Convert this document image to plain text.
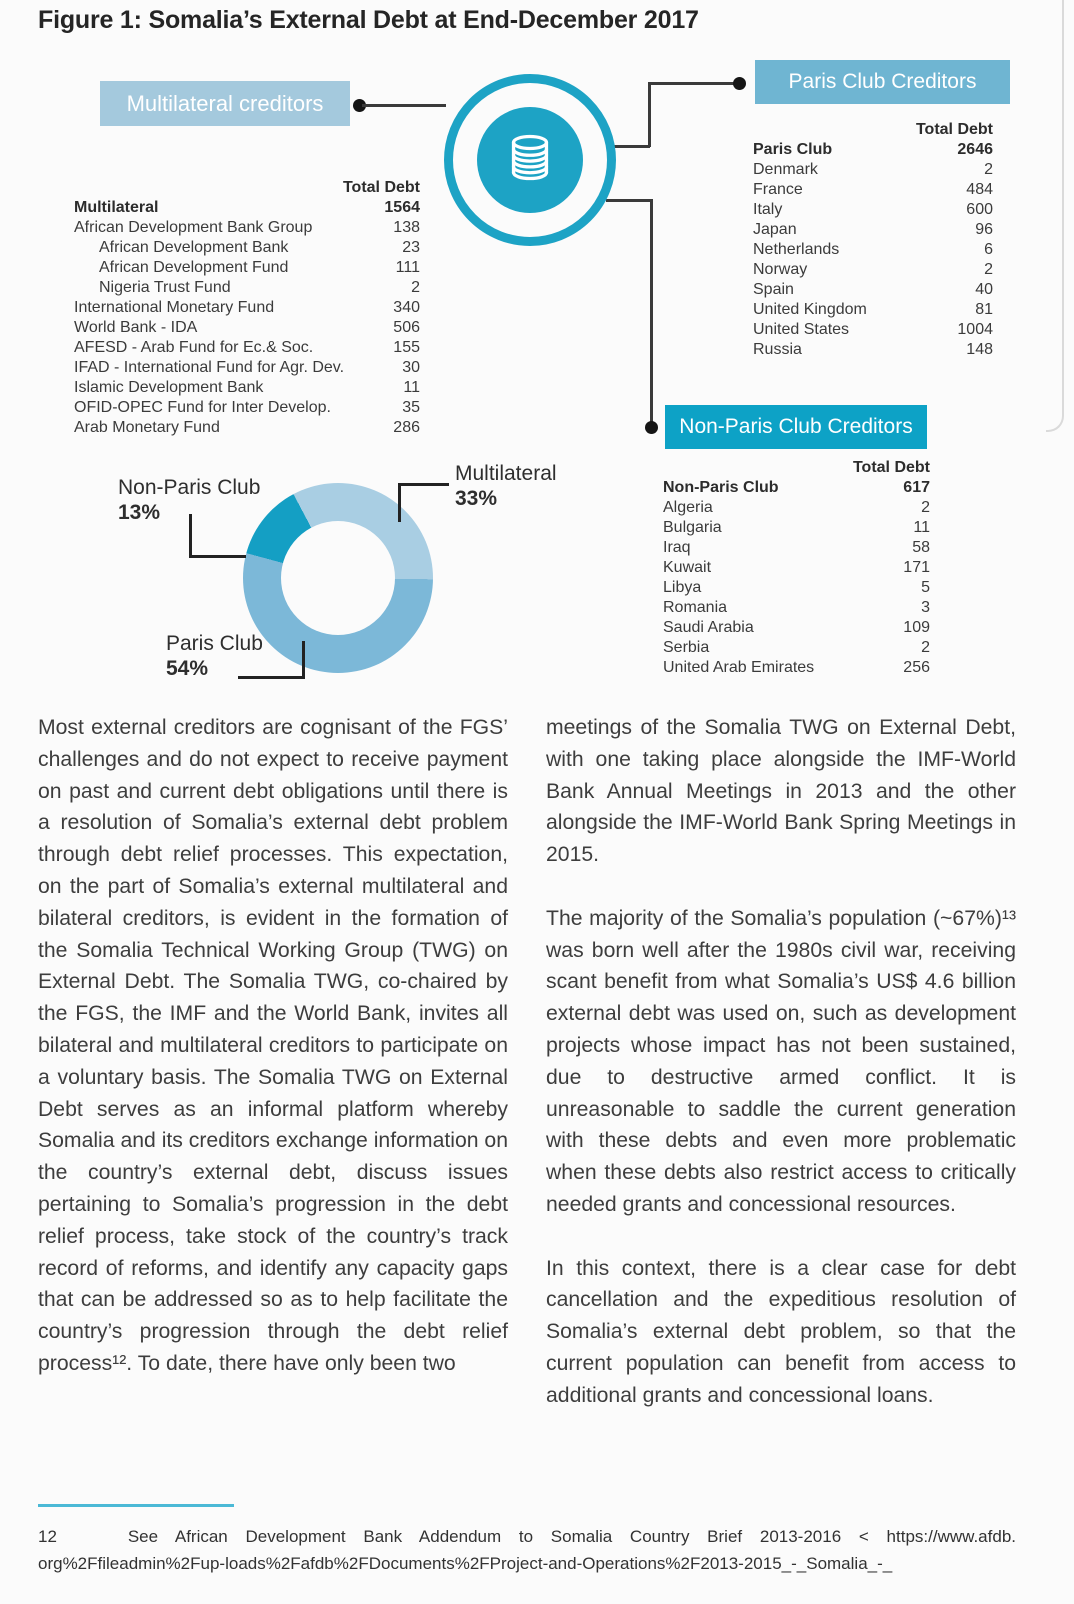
Figure 1: Somalia’s External Debt at End-December 2017
Multilateral creditors
Paris Club Creditors
Non-Paris Club Creditors
Total Debt
Multilateral	1564
African Development Bank Group	138
African Development Bank	23
African Development Fund	111
Nigeria Trust Fund	2
International Monetary Fund	340
World Bank - IDA	506
AFESD - Arab Fund for Ec.& Soc.	155
IFAD - International Fund for Agr. Dev.	30
Islamic Development Bank	11
OFID-OPEC Fund for Inter Develop.	35
Arab Monetary Fund	286
Total Debt
Paris Club	2646
Denmark	2
France	484
Italy	600
Japan	96
Netherlands	6
Norway	2
Spain	40
United Kingdom	81
United States	1004
Russia	148
Total Debt
Non-Paris Club	617
Algeria	2
Bulgaria	11
Iraq	58
Kuwait	171
Libya	5
Romania	3
Saudi Arabia	109
Serbia	2
United Arab Emirates	256
Multilateral
33%
Non-Paris Club
13%
Paris Club
54%

Most external creditors are cognisant of the FGS’ challenges and do not expect to receive payment on past and current debt obligations until there is a resolution of Somalia’s external debt problem through debt relief processes. This expectation, on the part of Somalia’s external multilateral and bilateral creditors, is evident in the formation of the Somalia Technical Working Group (TWG) on External Debt. The Somalia TWG, co-chaired by the FGS, the IMF and the World Bank, invites all bilateral and multilateral creditors to participate on a voluntary basis. The Somalia TWG on External Debt serves as an informal platform whereby Somalia and its creditors exchange information on the country’s external debt, discuss issues pertaining to Somalia’s progression in the debt relief process, take stock of the country’s track record of reforms, and identify any capacity gaps that can be addressed so as to help facilitate the country’s progression through the debt relief process¹². To date, there have only been two

meetings of the Somalia TWG on External Debt, with one taking place alongside the IMF-World Bank Annual Meetings in 2013 and the other alongside the IMF-World Bank Spring Meetings in 2015.

The majority of the Somalia’s population (~67%)¹³ was born well after the 1980s civil war, receiving scant benefit from what Somalia’s US$ 4.6 billion external debt was used on, such as development projects whose impact has not been sustained, due to destructive armed conflict. It is unreasonable to saddle the current generation with these debts and even more problematic when these debts also restrict access to critically needed grants and concessional resources.

In this context, there is a clear case for debt cancellation and the expeditious resolution of Somalia’s external debt problem, so that the current population can benefit from access to additional grants and concessional loans.

12    See African Development Bank Addendum to Somalia Country Brief 2013-2016 < https://www.afdb.
org%2Ffileadmin%2Fup-loads%2Fafdb%2FDocuments%2FProject-and-Operations%2F2013-2015_-_Somalia_-_
